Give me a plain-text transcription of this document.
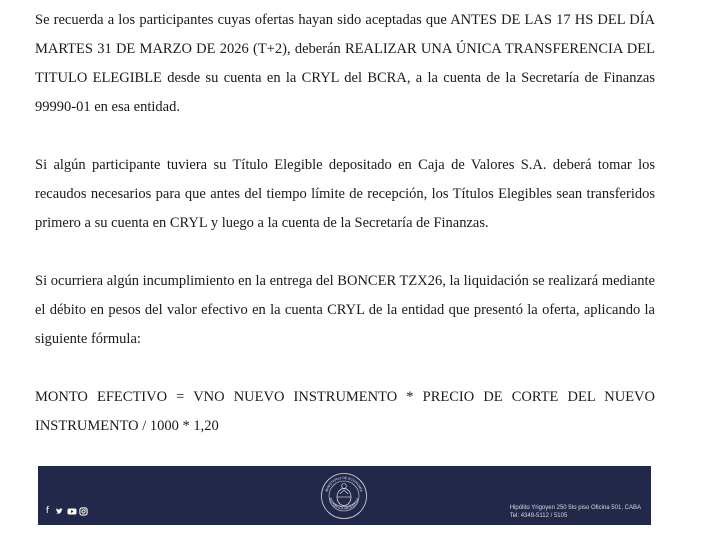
Se recuerda a los participantes cuyas ofertas hayan sido aceptadas que ANTES DE LAS 17 HS DEL DÍA MARTES 31 DE MARZO DE 2026 (T+2), deberán REALIZAR UNA ÚNICA TRANSFERENCIA DEL TITULO ELEGIBLE desde su cuenta en la CRYL del BCRA, a la cuenta de la Secretaría de Finanzas 99990-01 en esa entidad.

Si algún participante tuviera su Título Elegible depositado en Caja de Valores S.A. deberá tomar los recaudos necesarios para que antes del tiempo límite de recepción, los Títulos Elegibles sean transferidos primero a su cuenta en CRYL y luego a la cuenta de la Secretaría de Finanzas.

Si ocurriera algún incumplimiento en la entrega del BONCER TZX26, la liquidación se realizará mediante el débito en pesos del valor efectivo en la cuenta CRYL de la entidad que presentó la oferta, aplicando la siguiente fórmula:

MONTO EFECTIVO = VNO NUEVO INSTRUMENTO * PRECIO DE CORTE DEL NUEVO INSTRUMENTO / 1000 * 1,20

f
MINISTERIO DE ECONOMÍA
REPÚBLICA ARGENTINA
Hipólito Yrigoyen 250 5to piso Oficina 501, CABA
Tel: 4349-5112 / 5105
